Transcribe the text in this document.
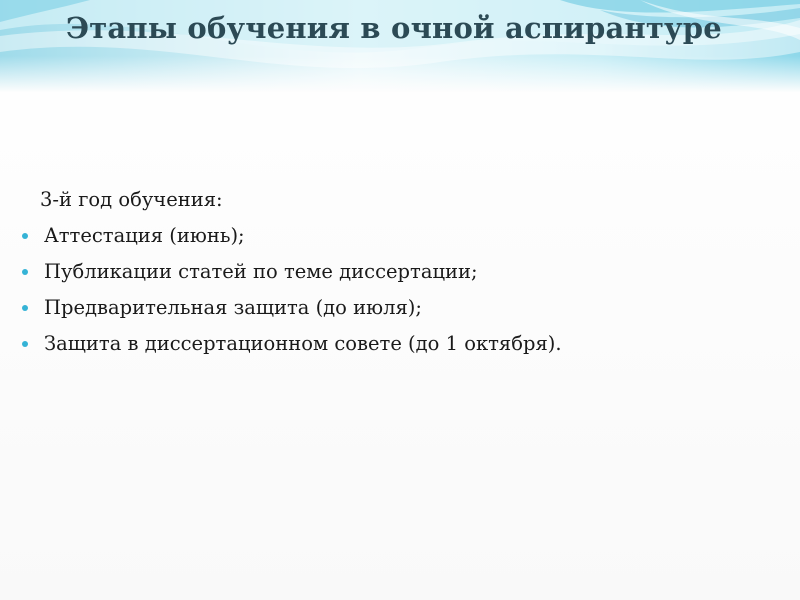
Этапы обучения в очной аспирантуре

3-й год обучения:

Аттестация (июнь);
Публикации статей по теме диссертации;
Предварительная защита (до июля);
Защита в диссертационном совете (до 1 октября).
